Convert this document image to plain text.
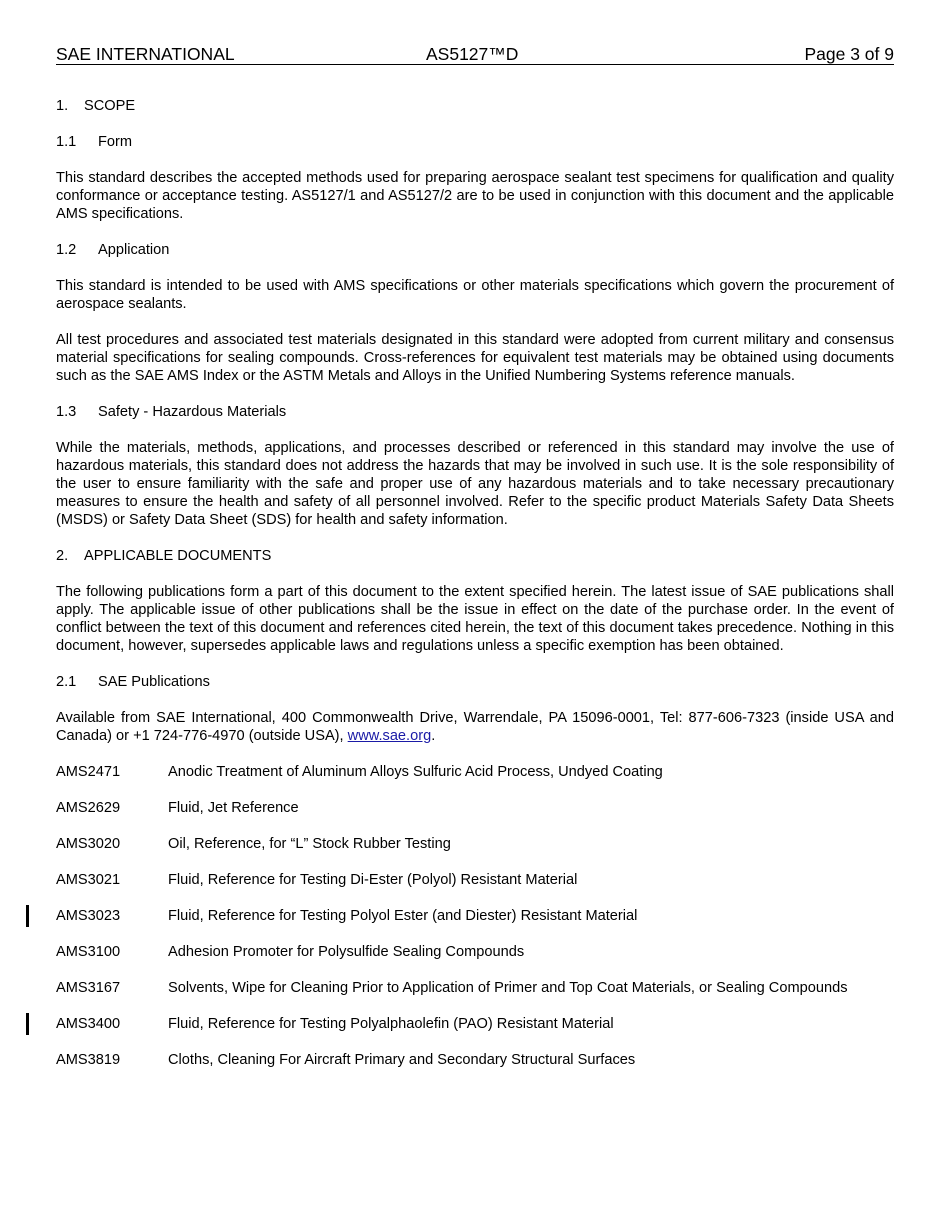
SAE INTERNATIONAL	AS5127™D	Page 3 of 9

1. SCOPE

1.1 Form

This standard describes the accepted methods used for preparing aerospace sealant test specimens for qualification and quality conformance or acceptance testing. AS5127/1 and AS5127/2 are to be used in conjunction with this document and the applicable AMS specifications.

1.2 Application

This standard is intended to be used with AMS specifications or other materials specifications which govern the procurement of aerospace sealants.

All test procedures and associated test materials designated in this standard were adopted from current military and consensus material specifications for sealing compounds. Cross-references for equivalent test materials may be obtained using documents such as the SAE AMS Index or the ASTM Metals and Alloys in the Unified Numbering Systems reference manuals.

1.3 Safety - Hazardous Materials

While the materials, methods, applications, and processes described or referenced in this standard may involve the use of hazardous materials, this standard does not address the hazards that may be involved in such use. It is the sole responsibility of the user to ensure familiarity with the safe and proper use of any hazardous materials and to take necessary precautionary measures to ensure the health and safety of all personnel involved. Refer to the specific product Materials Safety Data Sheets (MSDS) or Safety Data Sheet (SDS) for health and safety information.

2. APPLICABLE DOCUMENTS

The following publications form a part of this document to the extent specified herein. The latest issue of SAE publications shall apply. The applicable issue of other publications shall be the issue in effect on the date of the purchase order. In the event of conflict between the text of this document and references cited herein, the text of this document takes precedence. Nothing in this document, however, supersedes applicable laws and regulations unless a specific exemption has been obtained.

2.1 SAE Publications

Available from SAE International, 400 Commonwealth Drive, Warrendale, PA 15096-0001, Tel: 877-606-7323 (inside USA and Canada) or +1 724-776-4970 (outside USA), www.sae.org.

AMS2471	Anodic Treatment of Aluminum Alloys Sulfuric Acid Process, Undyed Coating
AMS2629	Fluid, Jet Reference
AMS3020	Oil, Reference, for “L” Stock Rubber Testing
AMS3021	Fluid, Reference for Testing Di-Ester (Polyol) Resistant Material
AMS3023	Fluid, Reference for Testing Polyol Ester (and Diester) Resistant Material
AMS3100	Adhesion Promoter for Polysulfide Sealing Compounds
AMS3167	Solvents, Wipe for Cleaning Prior to Application of Primer and Top Coat Materials, or Sealing Compounds
AMS3400	Fluid, Reference for Testing Polyalphaolefin (PAO) Resistant Material
AMS3819	Cloths, Cleaning For Aircraft Primary and Secondary Structural Surfaces
